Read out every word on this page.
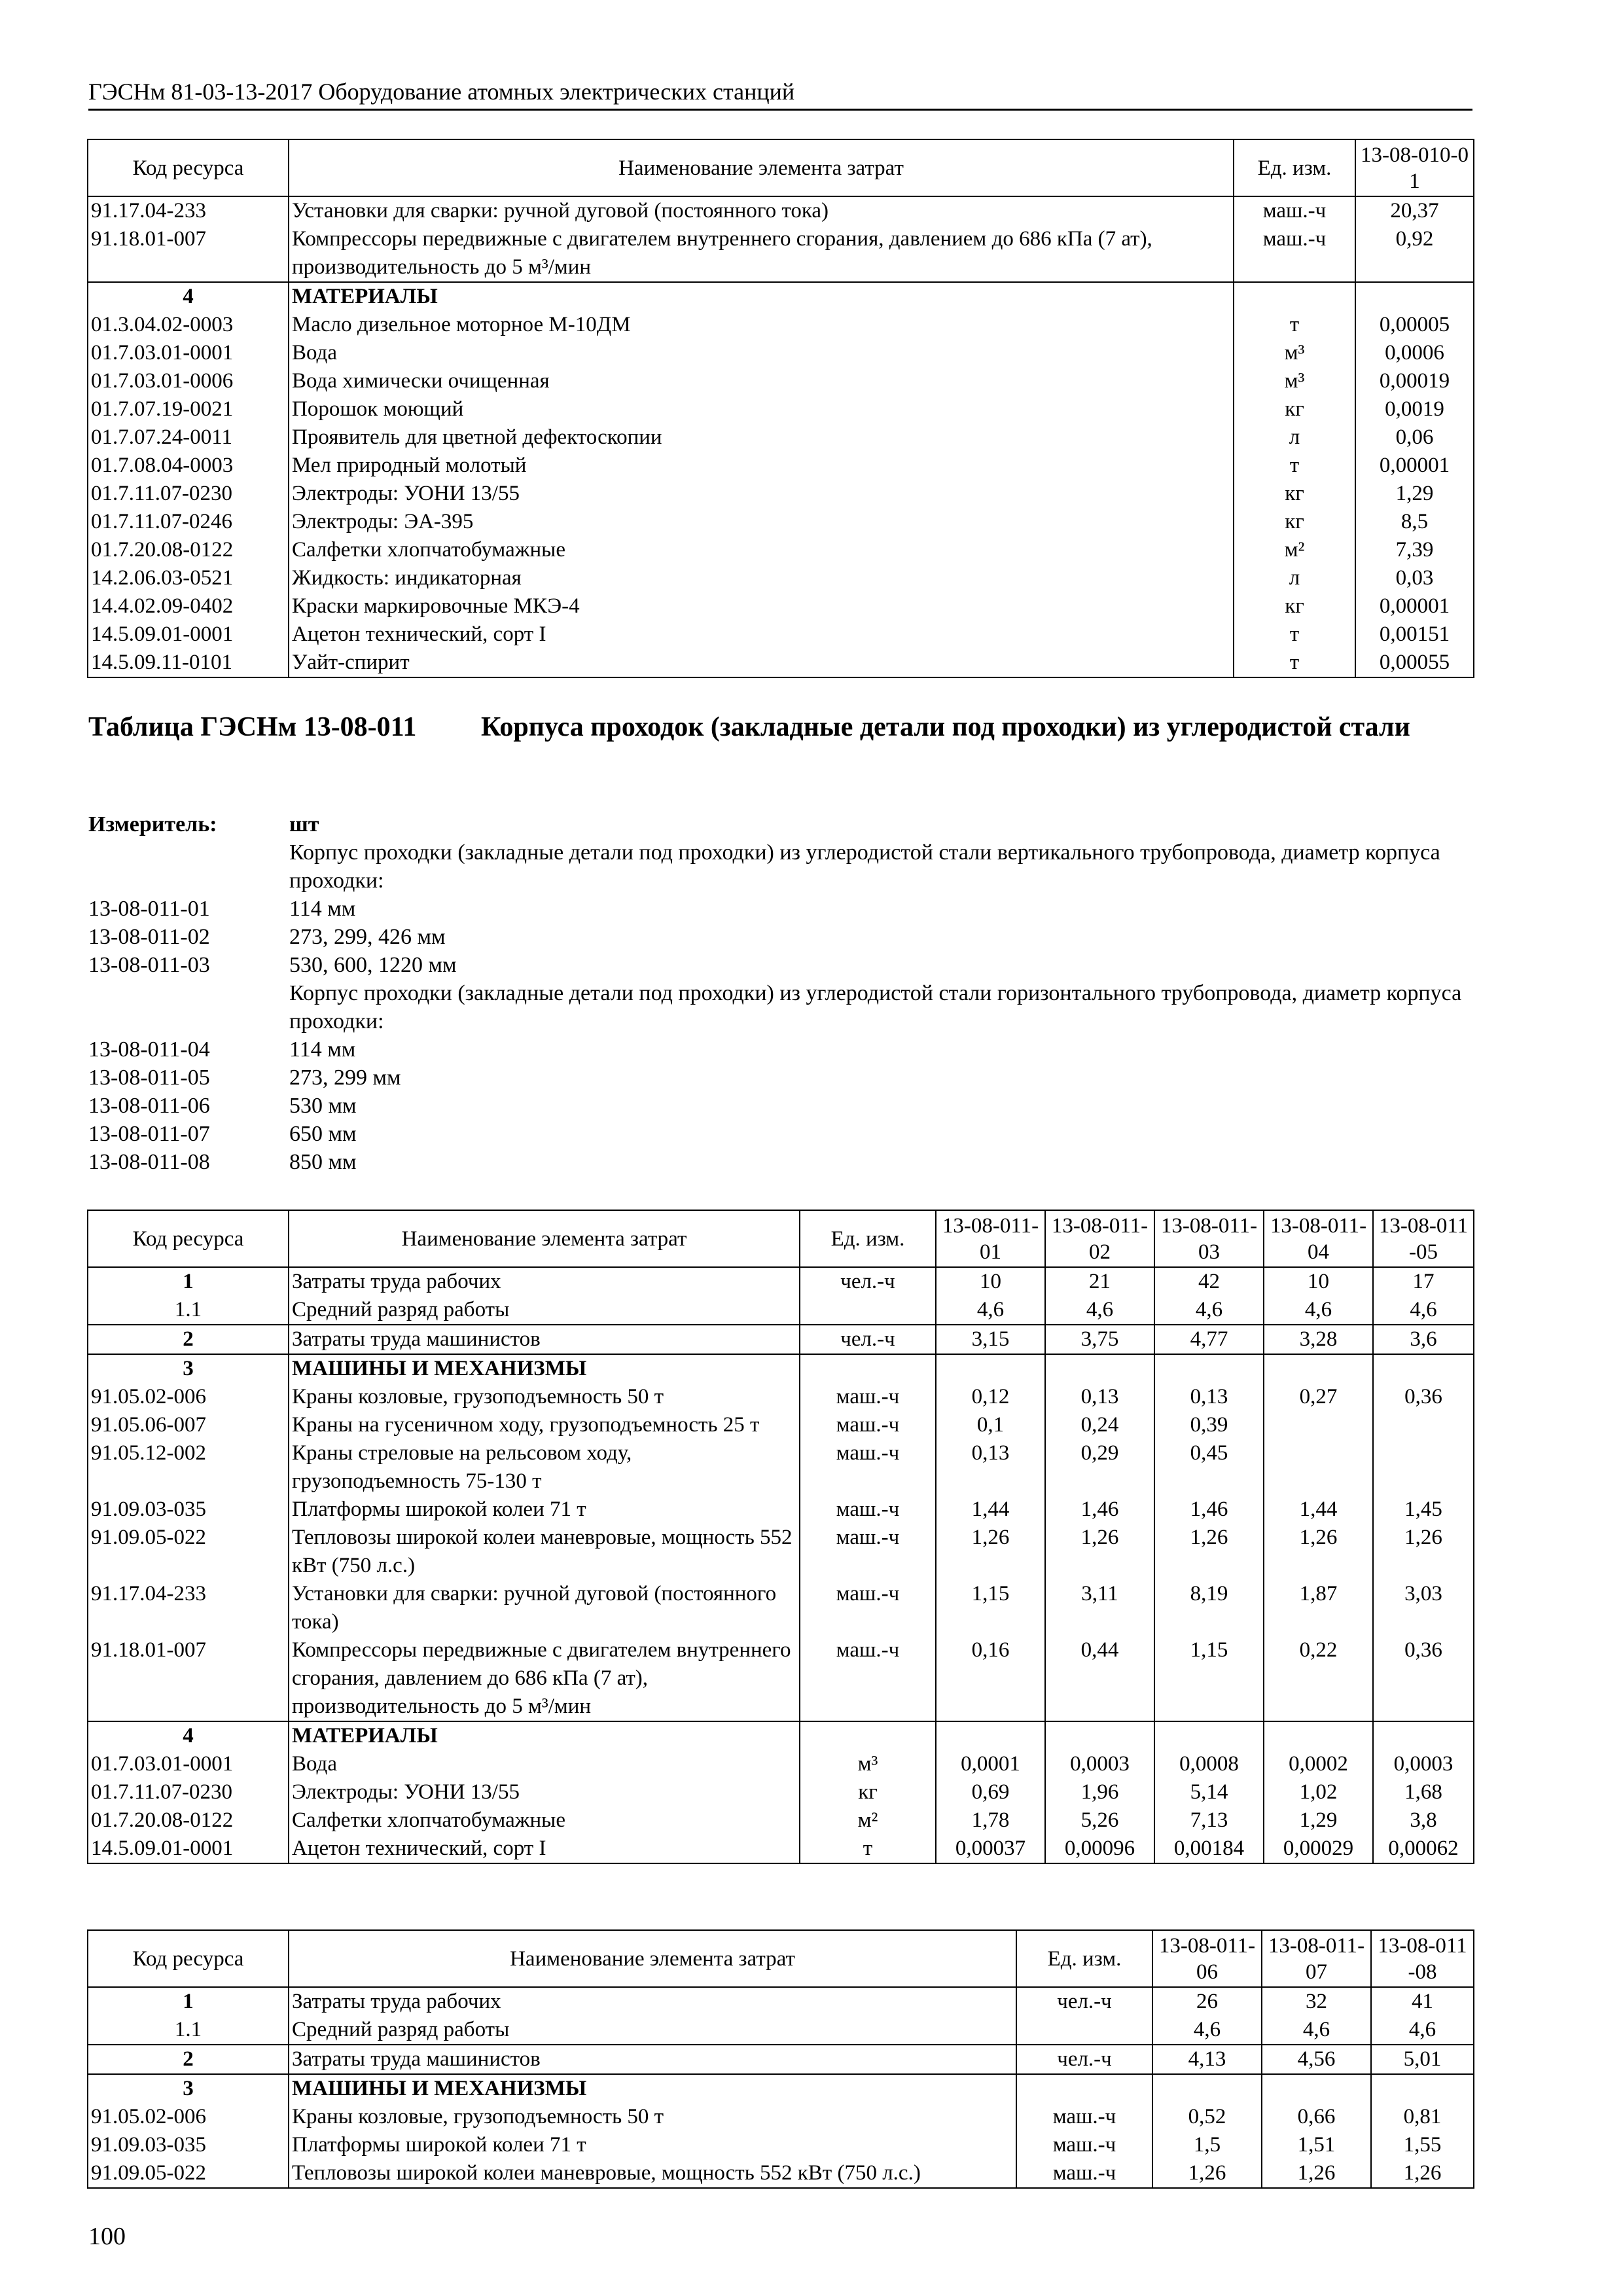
ГЭСНм 81-03-13-2017 Оборудование атомных электрических станций
Код ресурса	Наименование элемента затрат	Ед. изм.	13-08-010-01
91.17.04-233	Установки для сварки: ручной дуговой (постоянного тока)	маш.-ч	20,37
91.18.01-007	Компрессоры передвижные с двигателем внутреннего сгорания, давлением до 686 кПа (7 ат), производительность до 5 м³/мин	маш.-ч	0,92
4	МАТЕРИАЛЫ		
01.3.04.02-0003	Масло дизельное моторное М-10ДМ	т	0,00005
01.7.03.01-0001	Вода	м³	0,0006
01.7.03.01-0006	Вода химически очищенная	м³	0,00019
01.7.07.19-0021	Порошок моющий	кг	0,0019
01.7.07.24-0011	Проявитель для цветной дефектоскопии	л	0,06
01.7.08.04-0003	Мел природный молотый	т	0,00001
01.7.11.07-0230	Электроды: УОНИ 13/55	кг	1,29
01.7.11.07-0246	Электроды: ЭА-395	кг	8,5
01.7.20.08-0122	Салфетки хлопчатобумажные	м²	7,39
14.2.06.03-0521	Жидкость: индикаторная	л	0,03
14.4.02.09-0402	Краски маркировочные МКЭ-4	кг	0,00001
14.5.09.01-0001	Ацетон технический, сорт I	т	0,00151
14.5.09.11-0101	Уайт-спирит	т	0,00055
Таблица ГЭСНм 13-08-011 Корпуса проходок (закладные детали под проходки) из углеродистой стали
Измеритель:	шт
Корпус проходки (закладные детали под проходки) из углеродистой стали вертикального трубопровода, диаметр корпуса проходки:
13-08-011-01	114 мм
13-08-011-02	273, 299, 426 мм
13-08-011-03	530, 600, 1220 мм
Корпус проходки (закладные детали под проходки) из углеродистой стали горизонтального трубопровода, диаметр корпуса проходки:
13-08-011-04	114 мм
13-08-011-05	273, 299 мм
13-08-011-06	530 мм
13-08-011-07	650 мм
13-08-011-08	850 мм
Код ресурса	Наименование элемента затрат	Ед. изм.	13-08-011-01	13-08-011-02	13-08-011-03	13-08-011-04	13-08-011-05
1	Затраты труда рабочих	чел.-ч	10	21	42	10	17
1.1	Средний разряд работы		4,6	4,6	4,6	4,6	4,6
2	Затраты труда машинистов	чел.-ч	3,15	3,75	4,77	3,28	3,6
3	МАШИНЫ И МЕХАНИЗМЫ						
91.05.02-006	Краны козловые, грузоподъемность 50 т	маш.-ч	0,12	0,13	0,13	0,27	0,36
91.05.06-007	Краны на гусеничном ходу, грузоподъемность 25 т	маш.-ч	0,1	0,24	0,39		
91.05.12-002	Краны стреловые на рельсовом ходу, грузоподъемность 75-130 т	маш.-ч	0,13	0,29	0,45		
91.09.03-035	Платформы широкой колеи 71 т	маш.-ч	1,44	1,46	1,46	1,44	1,45
91.09.05-022	Тепловозы широкой колеи маневровые, мощность 552 кВт (750 л.с.)	маш.-ч	1,26	1,26	1,26	1,26	1,26
91.17.04-233	Установки для сварки: ручной дуговой (постоянного тока)	маш.-ч	1,15	3,11	8,19	1,87	3,03
91.18.01-007	Компрессоры передвижные с двигателем внутреннего сгорания, давлением до 686 кПа (7 ат), производительность до 5 м³/мин	маш.-ч	0,16	0,44	1,15	0,22	0,36
4	МАТЕРИАЛЫ						
01.7.03.01-0001	Вода	м³	0,0001	0,0003	0,0008	0,0002	0,0003
01.7.11.07-0230	Электроды: УОНИ 13/55	кг	0,69	1,96	5,14	1,02	1,68
01.7.20.08-0122	Салфетки хлопчатобумажные	м²	1,78	5,26	7,13	1,29	3,8
14.5.09.01-0001	Ацетон технический, сорт I	т	0,00037	0,00096	0,00184	0,00029	0,00062
Код ресурса	Наименование элемента затрат	Ед. изм.	13-08-011-06	13-08-011-07	13-08-011-08
1	Затраты труда рабочих	чел.-ч	26	32	41
1.1	Средний разряд работы		4,6	4,6	4,6
2	Затраты труда машинистов	чел.-ч	4,13	4,56	5,01
3	МАШИНЫ И МЕХАНИЗМЫ				
91.05.02-006	Краны козловые, грузоподъемность 50 т	маш.-ч	0,52	0,66	0,81
91.09.03-035	Платформы широкой колеи 71 т	маш.-ч	1,5	1,51	1,55
91.09.05-022	Тепловозы широкой колеи маневровые, мощность 552 кВт (750 л.с.)	маш.-ч	1,26	1,26	1,26
100
